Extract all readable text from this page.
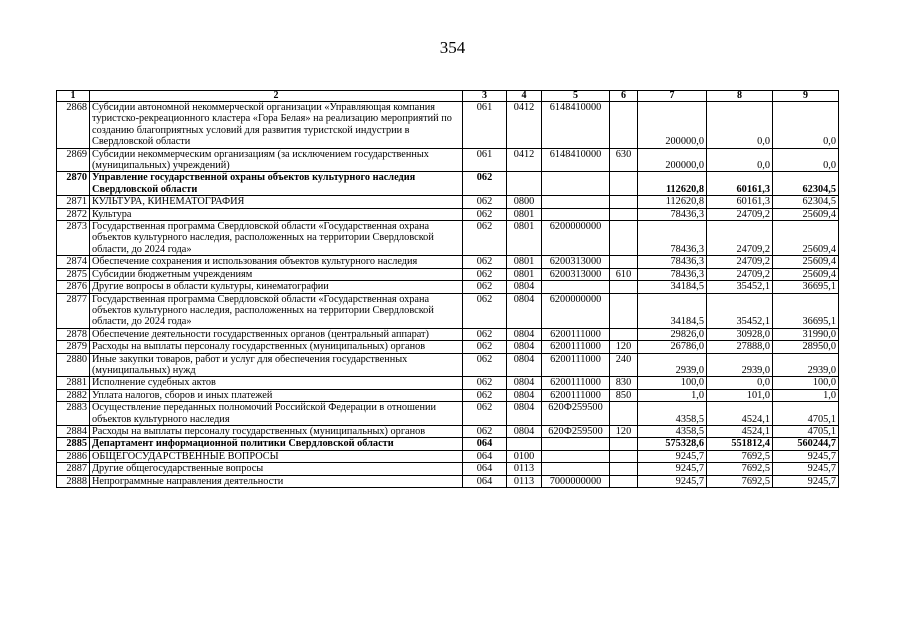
354
1	2	3	4	5	6	7	8	9
2868	Субсидии автономной некоммерческой организации «Управляющая компания туристско-рекреационного кластера «Гора Белая» на реализацию мероприятий по созданию благоприятных условий для развития туристской индустрии в Свердловской области	061	0412	6148410000		200000,0	0,0	0,0
2869	Субсидии некоммерческим организациям (за исключением государственных (муниципальных) учреждений)	061	0412	6148410000	630	200000,0	0,0	0,0
2870	Управление государственной охраны объектов культурного наследия Свердловской области	062				112620,8	60161,3	62304,5
2871	КУЛЬТУРА, КИНЕМАТОГРАФИЯ	062	0800			112620,8	60161,3	62304,5
2872	Культура	062	0801			78436,3	24709,2	25609,4
2873	Государственная программа Свердловской области «Государственная охрана объектов культурного наследия, расположенных на территории Свердловской области, до 2024 года»	062	0801	6200000000		78436,3	24709,2	25609,4
2874	Обеспечение сохранения и использования объектов культурного наследия	062	0801	6200313000		78436,3	24709,2	25609,4
2875	Субсидии бюджетным учреждениям	062	0801	6200313000	610	78436,3	24709,2	25609,4
2876	Другие вопросы в области культуры, кинематографии	062	0804			34184,5	35452,1	36695,1
2877	Государственная программа Свердловской области «Государственная охрана объектов культурного наследия, расположенных на территории Свердловской области, до 2024 года»	062	0804	6200000000		34184,5	35452,1	36695,1
2878	Обеспечение деятельности государственных органов (центральный аппарат)	062	0804	6200111000		29826,0	30928,0	31990,0
2879	Расходы на выплаты персоналу государственных (муниципальных) органов	062	0804	6200111000	120	26786,0	27888,0	28950,0
2880	Иные закупки товаров, работ и услуг для обеспечения государственных (муниципальных) нужд	062	0804	6200111000	240	2939,0	2939,0	2939,0
2881	Исполнение судебных актов	062	0804	6200111000	830	100,0	0,0	100,0
2882	Уплата налогов, сборов и иных платежей	062	0804	6200111000	850	1,0	101,0	1,0
2883	Осуществление переданных полномочий Российской Федерации в отношении объектов культурного наследия	062	0804	620Ф259500		4358,5	4524,1	4705,1
2884	Расходы на выплаты персоналу государственных (муниципальных) органов	062	0804	620Ф259500	120	4358,5	4524,1	4705,1
2885	Департамент информационной политики Свердловской области	064				575328,6	551812,4	560244,7
2886	ОБЩЕГОСУДАРСТВЕННЫЕ ВОПРОСЫ	064	0100			9245,7	7692,5	9245,7
2887	Другие общегосударственные вопросы	064	0113			9245,7	7692,5	9245,7
2888	Непрограммные направления деятельности	064	0113	7000000000		9245,7	7692,5	9245,7
